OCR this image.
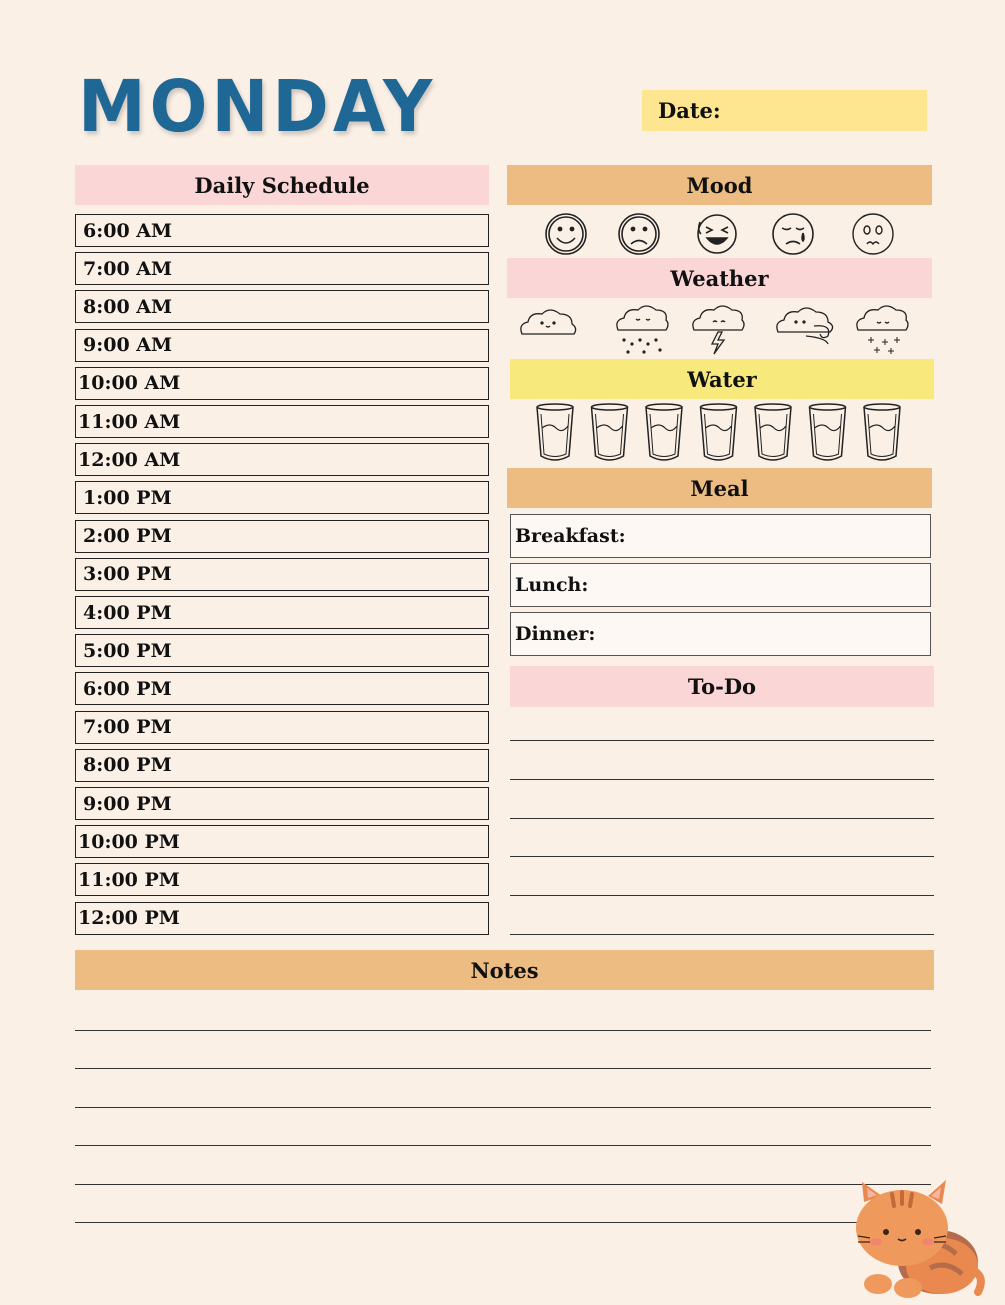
MONDAY	Date:
Daily Schedule
6:00 AM
7:00 AM
8:00 AM
9:00 AM
10:00 AM
11:00 AM
12:00 AM
1:00 PM
2:00 PM
3:00 PM
4:00 PM
5:00 PM
6:00 PM
7:00 PM
8:00 PM
9:00 PM
10:00 PM
11:00 PM
12:00 PM
Mood
Weather
Water
Meal
Breakfast:
Lunch:
Dinner:
To-Do
Notes
